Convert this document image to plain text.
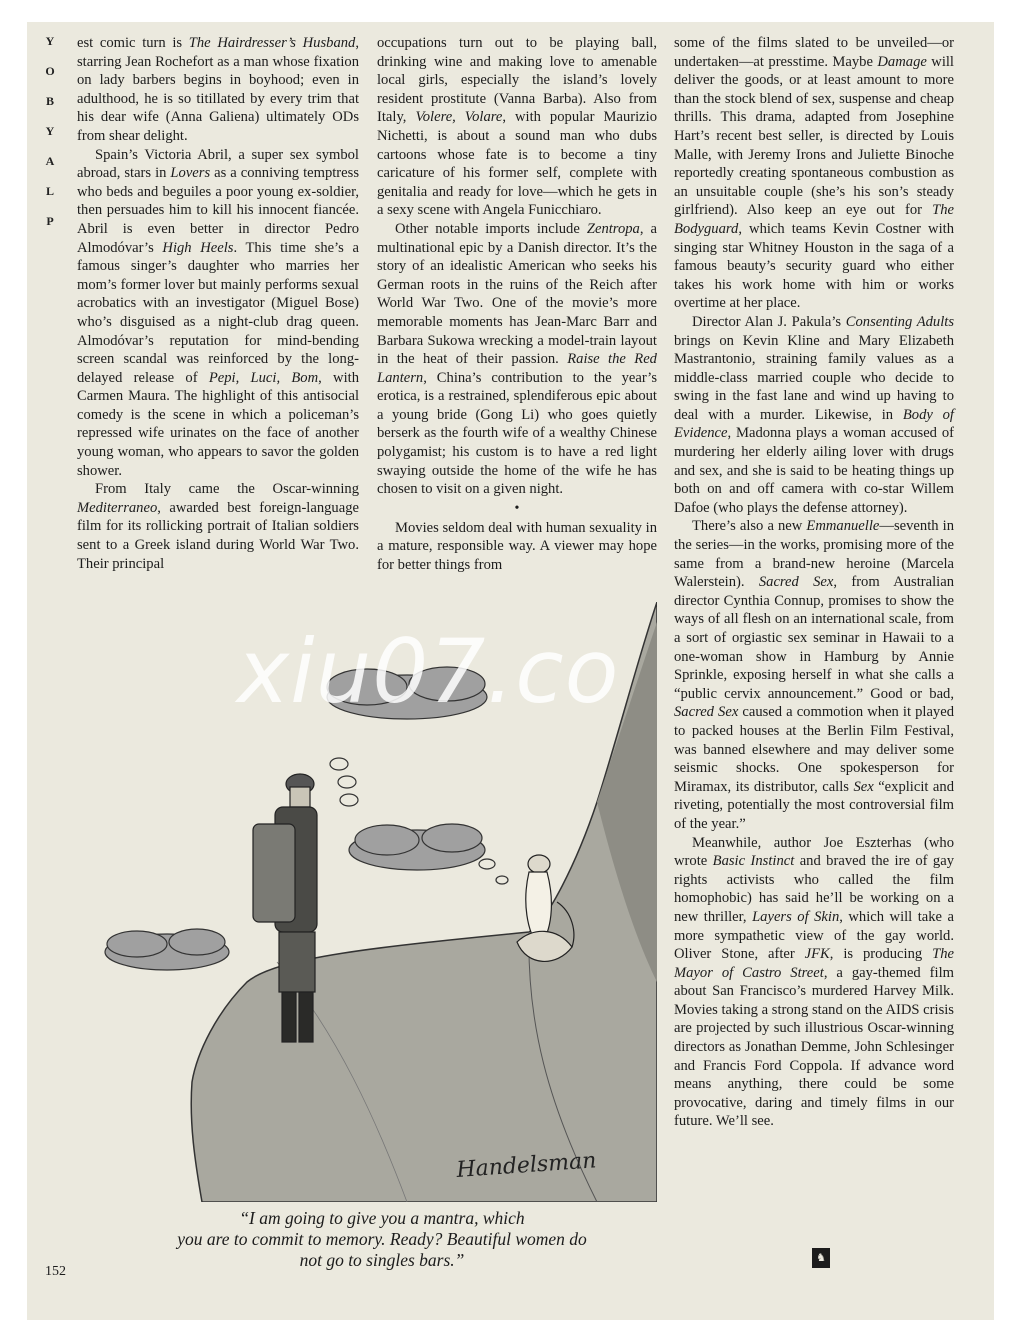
Y
O
B
Y
A
L
P

est comic turn is The Hairdresser’s Husband, starring Jean Rochefort as a man whose fixation on lady barbers begins in boyhood; even in adulthood, he is so titillated by every trim that his dear wife (Anna Galiena) ultimately ODs from shear delight.

Spain’s Victoria Abril, a super sex symbol abroad, stars in Lovers as a conniving temptress who beds and beguiles a poor young ex-soldier, then persuades him to kill his innocent fiancée. Abril is even better in director Pedro Almodóvar’s High Heels. This time she’s a famous singer’s daughter who marries her mom’s former lover but mainly performs sexual acrobatics with an investigator (Miguel Bose) who’s disguised as a night-club drag queen. Almodóvar’s reputation for mind-bending screen scandal was reinforced by the long-delayed release of Pepi, Luci, Bom, with Carmen Maura. The highlight of this antisocial comedy is the scene in which a policeman’s repressed wife urinates on the face of another young woman, who appears to savor the golden shower.

From Italy came the Oscar-winning Mediterraneo, awarded best foreign-language film for its rollicking portrait of Italian soldiers sent to a Greek island during World War Two. Their principal

occupations turn out to be playing ball, drinking wine and making love to amenable local girls, especially the island’s lovely resident prostitute (Vanna Barba). Also from Italy, Volere, Volare, with popular Maurizio Nichetti, is about a sound man who dubs cartoons whose fate is to become a tiny caricature of his former self, complete with genitalia and ready for love—which he gets in a sexy scene with Angela Funicchiaro.

Other notable imports include Zentropa, a multinational epic by a Danish director. It’s the story of an idealistic American who seeks his German roots in the ruins of the Reich after World War Two. One of the movie’s more memorable moments has Jean-Marc Barr and Barbara Sukowa wrecking a model-train layout in the heat of their passion. Raise the Red Lantern, China’s contribution to the year’s erotica, is a restrained, splendiferous epic about a young bride (Gong Li) who goes quietly berserk as the fourth wife of a wealthy Chinese polygamist; his custom is to have a red light swaying outside the home of the wife he has chosen to visit on a given night.

•

Movies seldom deal with human sexuality in a mature, responsible way. A viewer may hope for better things from

some of the films slated to be unveiled—or undertaken—at presstime. Maybe Damage will deliver the goods, or at least amount to more than the stock blend of sex, suspense and cheap thrills. This drama, adapted from Josephine Hart’s recent best seller, is directed by Louis Malle, with Jeremy Irons and Juliette Binoche reportedly creating spontaneous combustion as an unsuitable couple (she’s his son’s steady girlfriend). Also keep an eye out for The Bodyguard, which teams Kevin Costner with singing star Whitney Houston in the saga of a famous beauty’s security guard who either takes his work home with him or works overtime at her place.

Director Alan J. Pakula’s Consenting Adults brings on Kevin Kline and Mary Elizabeth Mastrantonio, straining family values as a middle-class married couple who decide to swing in the fast lane and wind up having to deal with a murder. Likewise, in Body of Evidence, Madonna plays a woman accused of murdering her elderly ailing lover with drugs and sex, and she is said to be heating things up both on and off camera with co-star Willem Dafoe (who plays the defense attorney).

There’s also a new Emmanuelle—seventh in the series—in the works, promising more of the same from a brand-new heroine (Marcela Walerstein). Sacred Sex, from Australian director Cynthia Connup, promises to show the ways of all flesh on an international scale, from a sort of orgiastic sex seminar in Hawaii to a one-woman show in Hamburg by Annie Sprinkle, exposing herself in what she calls a “public cervix announcement.” Good or bad, Sacred Sex caused a commotion when it played to packed houses at the Berlin Film Festival, was banned elsewhere and may deliver some seismic shocks. One spokesperson for Miramax, its distributor, calls Sex “explicit and riveting, potentially the most controversial film of the year.”

Meanwhile, author Joe Eszterhas (who wrote Basic Instinct and braved the ire of gay rights activists who called the film homophobic) has said he’ll be working on a new thriller, Layers of Skin, which will take a more sympathetic view of the gay world. Oliver Stone, after JFK, is producing The Mayor of Castro Street, a gay-themed film about San Francisco’s murdered Harvey Milk. Movies taking a strong stand on the AIDS crisis are projected by such illustrious Oscar-winning directors as Jonathan Demme, John Schlesinger and Francis Ford Coppola. If advance word means anything, there could be some provocative, daring and timely films in our future. We’ll see.

Handelsman
xiu07.co
“I am going to give you a mantra, which
you are to commit to memory. Ready? Beautiful women do
not go to singles bars.”
152
♞
